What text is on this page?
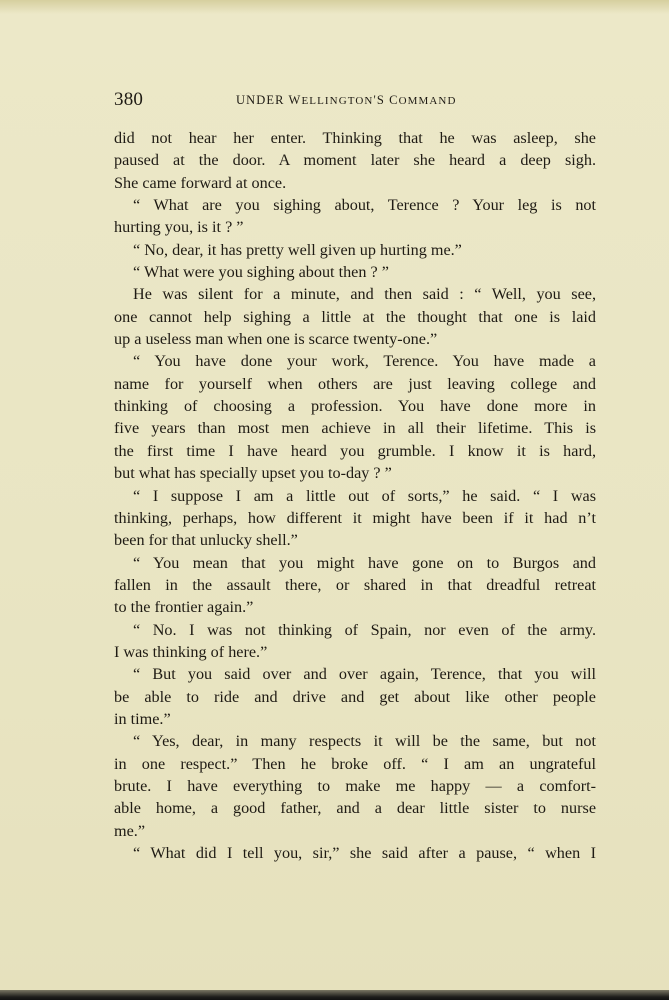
380	UNDER WELLINGTON'S COMMAND
did not hear her enter. Thinking that he was asleep, she
paused at the door. A moment later she heard a deep sigh.
She came forward at once.
“ What are you sighing about, Terence ? Your leg is not
hurting you, is it ? ”
“ No, dear, it has pretty well given up hurting me.”
“ What were you sighing about then ? ”
He was silent for a minute, and then said : “ Well, you see,
one cannot help sighing a little at the thought that one is laid
up a useless man when one is scarce twenty-one.”
“ You have done your work, Terence. You have made a
name for yourself when others are just leaving college and
thinking of choosing a profession. You have done more in
five years than most men achieve in all their lifetime. This is
the first time I have heard you grumble. I know it is hard,
but what has specially upset you to-day ? ”
“ I suppose I am a little out of sorts,” he said. “ I was
thinking, perhaps, how different it might have been if it had n’t
been for that unlucky shell.”
“ You mean that you might have gone on to Burgos and
fallen in the assault there, or shared in that dreadful retreat
to the frontier again.”
“ No. I was not thinking of Spain, nor even of the army.
I was thinking of here.”
“ But you said over and over again, Terence, that you will
be able to ride and drive and get about like other people
in time.”
“ Yes, dear, in many respects it will be the same, but not
in one respect.” Then he broke off. “ I am an ungrateful
brute. I have everything to make me happy — a comfort-
able home, a good father, and a dear little sister to nurse
me.”
“ What did I tell you, sir,” she said after a pause, “ when I
